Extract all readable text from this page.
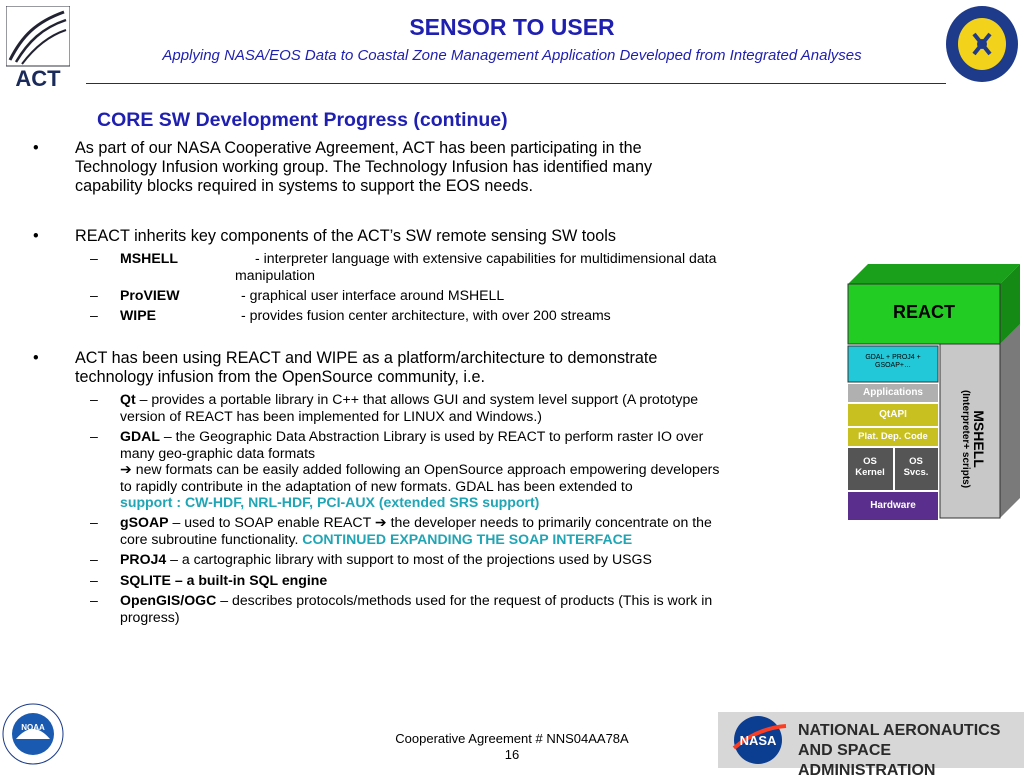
ACT
SENSOR TO USER
Applying NASA/EOS Data to Coastal Zone Management Application Developed from Integrated Analyses
CORE SW Development Progress (continue)
• As part of our NASA Cooperative Agreement, ACT has been participating in the
Technology Infusion working group. The Technology Infusion has identified many
capability blocks required in systems to support the EOS needs.
• REACT inherits key components of the ACT’s SW remote sensing SW tools
– MSHELL	- interpreter language with extensive capabilities for multidimensional data
manipulation
– ProVIEW	- graphical user interface around MSHELL
– WIPE	- provides fusion center architecture, with over 200 streams
• ACT has been using REACT and WIPE as a platform/architecture to demonstrate
technology infusion from the OpenSource community, i.e.
– Qt – provides a portable library in C++ that allows GUI and system level support (A prototype
version of REACT has been implemented for LINUX and Windows.)
– GDAL – the Geographic Data Abstraction Library is used by REACT to perform raster IO over
many geo-graphic data formats
➔ new formats can be easily added following an OpenSource approach empowering developers
to rapidly contribute in the adaptation of new formats. GDAL has been extended to
support : CW-HDF, NRL-HDF, PCI-AUX (extended SRS support)
– gSOAP – used to SOAP enable REACT ➔ the developer needs to primarily concentrate on the
core subroutine functionality. CONTINUED EXPANDING THE SOAP INTERFACE
– PROJ4 – a cartographic library with support to most of the projections used by USGS
– SQLITE – a built-in SQL engine
– OpenGIS/OGC – describes protocols/methods used for the request of products (This is work in
progress)
REACT
GDAL + PROJ4 +
GSOAP+…
Applications
QtAPI
Plat. Dep. Code
OS Kernel
OS Svcs.
Hardware
MSHELL
(Interpreter+ scripts)
NOAA
Cooperative Agreement # NNS04AA78A
16
NASA
NATIONAL AERONAUTICS
AND SPACE ADMINISTRATION
